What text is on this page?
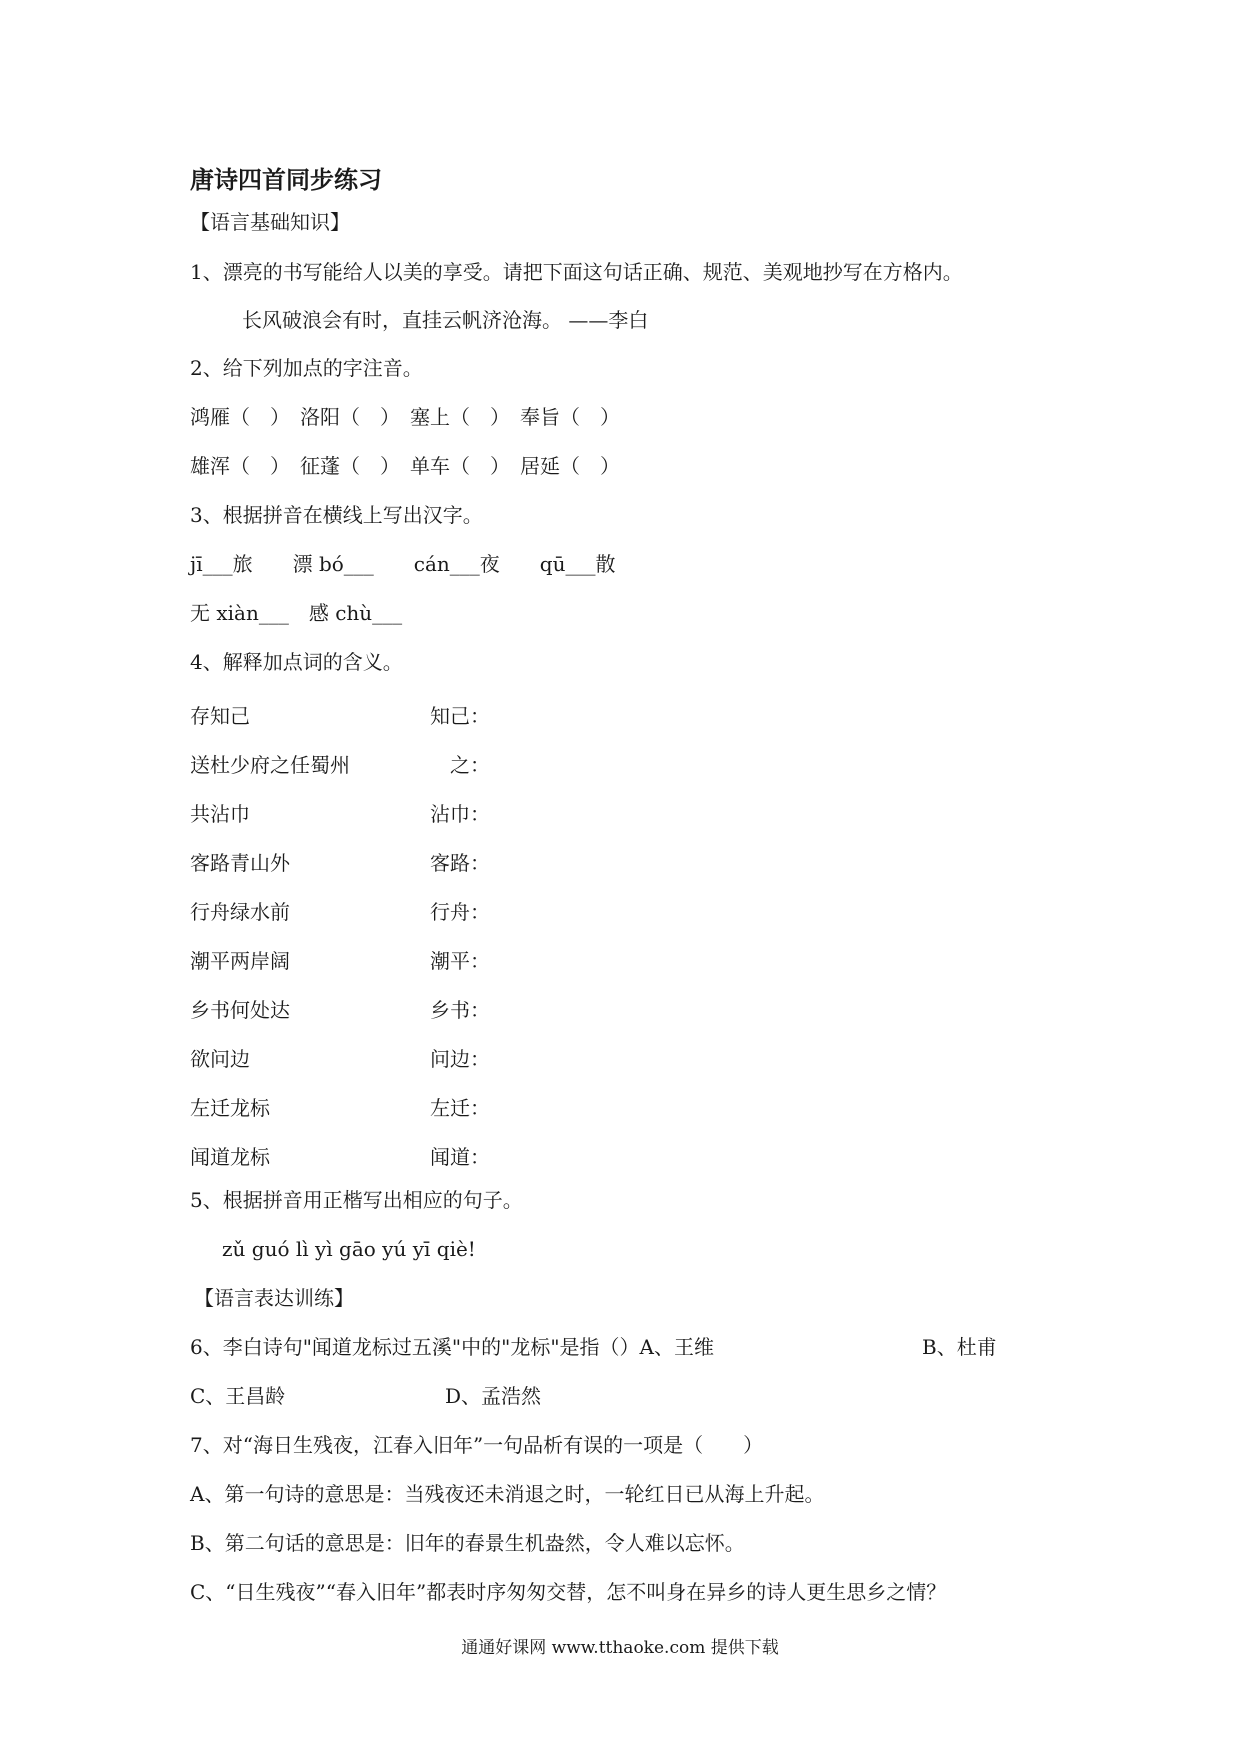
唐诗四首同步练习
【语言基础知识】
1、漂亮的书写能给人以美的享受。请把下面这句话正确、规范、美观地抄写在方格内。
长风破浪会有时，直挂云帆济沧海。 ——李白
2、给下列加点的字注音。
鸿雁（　）　洛阳（　）　塞上（　）　奉旨（　）
雄浑（　）　征蓬（　）　单车（　）　居延（　）
3、根据拼音在横线上写出汉字。
jī___旅　　漂 bó___　　cán___夜　　qū___散
无 xiàn___　感 chù___
4、解释加点词的含义。
存知己	知己：
送杜少府之任蜀州	　之：
共沾巾	沾巾：
客路青山外	客路：
行舟绿水前	行舟：
潮平两岸阔	潮平：
乡书何处达	乡书：
欲问边	问边：
左迁龙标	左迁：
闻道龙标	闻道：
5、根据拼音用正楷写出相应的句子。
zǔ guó lì yì gāo yú yī qiè!
【语言表达训练】
6、李白诗句"闻道龙标过五溪"中的"龙标"是指（）A、王维	B、杜甫
C、王昌龄	D、孟浩然
7、对“海日生残夜，江春入旧年”一句品析有误的一项是（　　）
A、第一句诗的意思是：当残夜还未消退之时，一轮红日已从海上升起。
B、第二句话的意思是：旧年的春景生机盎然，令人难以忘怀。
C、“日生残夜”“春入旧年”都表时序匆匆交替，怎不叫身在异乡的诗人更生思乡之情？
通通好课网 www.tthaoke.com 提供下载
